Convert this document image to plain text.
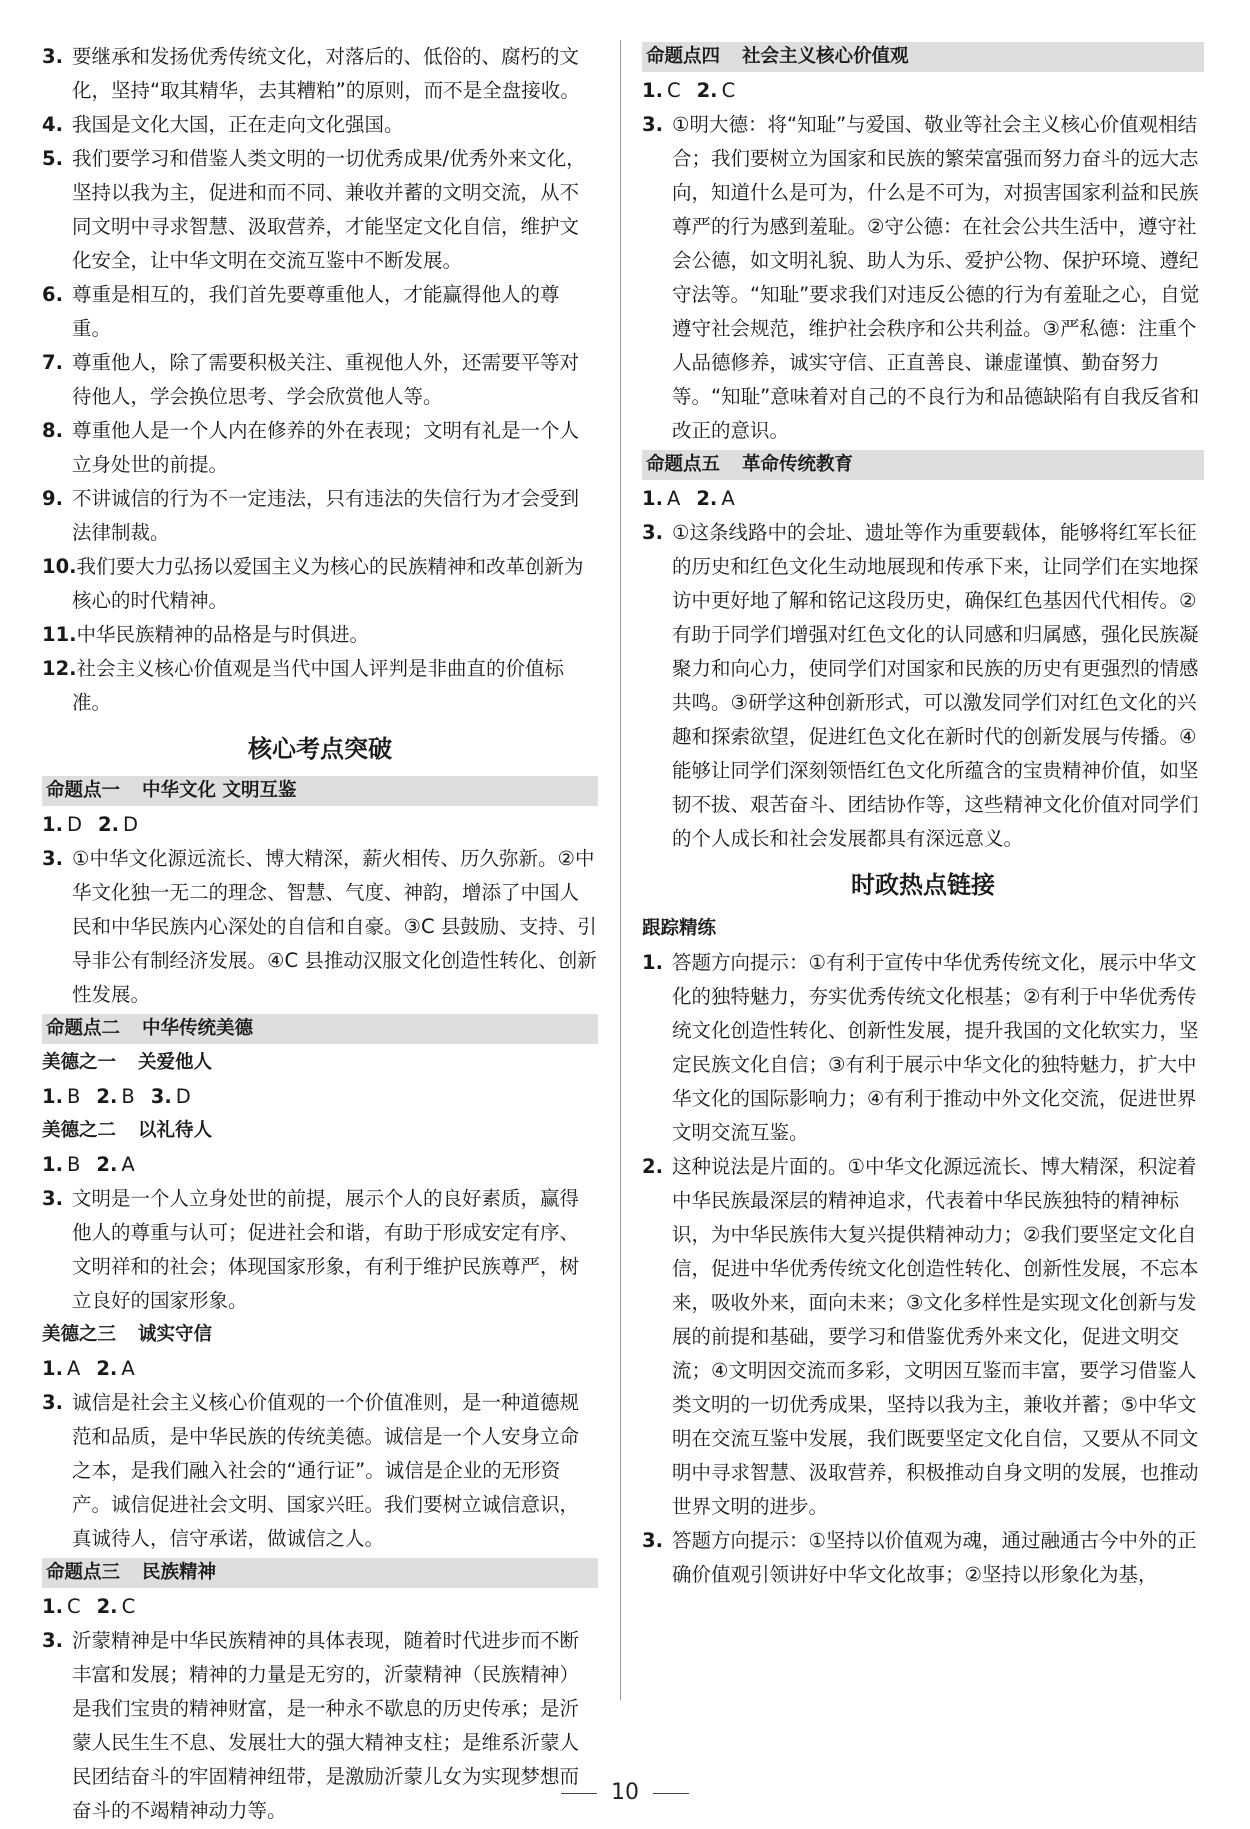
3. 要继承和发扬优秀传统文化，对落后的、低俗的、腐朽的文化，坚持“取其精华，去其糟粕”的原则，而不是全盘接收。

4. 我国是文化大国，正在走向文化强国。

5. 我们要学习和借鉴人类文明的一切优秀成果/优秀外来文化，坚持以我为主，促进和而不同、兼收并蓄的文明交流，从不同文明中寻求智慧、汲取营养，才能坚定文化自信，维护文化安全，让中华文明在交流互鉴中不断发展。

6. 尊重是相互的，我们首先要尊重他人，才能赢得他人的尊重。

7. 尊重他人，除了需要积极关注、重视他人外，还需要平等对待他人，学会换位思考、学会欣赏他人等。

8. 尊重他人是一个人内在修养的外在表现；文明有礼是一个人立身处世的前提。

9. 不讲诚信的行为不一定违法，只有违法的失信行为才会受到法律制裁。

10.我们要大力弘扬以爱国主义为核心的民族精神和改革创新为核心的时代精神。

11.中华民族精神的品格是与时俱进。

12.社会主义核心价值观是当代中国人评判是非曲直的价值标准。

核心考点突破
命题点一 中华文化 文明互鉴

1. D 2. D

3. ①中华文化源远流长、博大精深，薪火相传、历久弥新。②中华文化独一无二的理念、智慧、气度、神韵，增添了中国人民和中华民族内心深处的自信和自豪。③C 县鼓励、支持、引导非公有制经济发展。④C 县推动汉服文化创造性转化、创新性发展。

命题点二 中华传统美德

美德之一 关爱他人

1. B 2. B 3. D

美德之二 以礼待人

1. B 2. A

3. 文明是一个人立身处世的前提，展示个人的良好素质，赢得他人的尊重与认可；促进社会和谐，有助于形成安定有序、文明祥和的社会；体现国家形象，有利于维护民族尊严，树立良好的国家形象。

美德之三 诚实守信

1. A 2. A

3. 诚信是社会主义核心价值观的一个价值准则，是一种道德规范和品质，是中华民族的传统美德。诚信是一个人安身立命之本，是我们融入社会的“通行证”。诚信是企业的无形资产。诚信促进社会文明、国家兴旺。我们要树立诚信意识，真诚待人，信守承诺，做诚信之人。

命题点三 民族精神

1. C 2. C

3. 沂蒙精神是中华民族精神的具体表现，随着时代进步而不断丰富和发展；精神的力量是无穷的，沂蒙精神（民族精神）是我们宝贵的精神财富，是一种永不歇息的历史传承；是沂蒙人民生生不息、发展壮大的强大精神支柱；是维系沂蒙人民团结奋斗的牢固精神纽带，是激励沂蒙儿女为实现梦想而奋斗的不竭精神动力等。

命题点四 社会主义核心价值观

1. C 2. C

3. ①明大德：将“知耻”与爱国、敬业等社会主义核心价值观相结合；我们要树立为国家和民族的繁荣富强而努力奋斗的远大志向，知道什么是可为，什么是不可为，对损害国家利益和民族尊严的行为感到羞耻。②守公德：在社会公共生活中，遵守社会公德，如文明礼貌、助人为乐、爱护公物、保护环境、遵纪守法等。“知耻”要求我们对违反公德的行为有羞耻之心，自觉遵守社会规范，维护社会秩序和公共利益。③严私德：注重个人品德修养，诚实守信、正直善良、谦虚谨慎、勤奋努力等。“知耻”意味着对自己的不良行为和品德缺陷有自我反省和改正的意识。

命题点五 革命传统教育

1. A 2. A

3. ①这条线路中的会址、遗址等作为重要载体，能够将红军长征的历史和红色文化生动地展现和传承下来，让同学们在实地探访中更好地了解和铭记这段历史，确保红色基因代代相传。②有助于同学们增强对红色文化的认同感和归属感，强化民族凝聚力和向心力，使同学们对国家和民族的历史有更强烈的情感共鸣。③研学这种创新形式，可以激发同学们对红色文化的兴趣和探索欲望，促进红色文化在新时代的创新发展与传播。④能够让同学们深刻领悟红色文化所蕴含的宝贵精神价值，如坚韧不拔、艰苦奋斗、团结协作等，这些精神文化价值对同学们的个人成长和社会发展都具有深远意义。

时政热点链接

跟踪精练

1. 答题方向提示：①有利于宣传中华优秀传统文化，展示中华文化的独特魅力，夯实优秀传统文化根基；②有利于中华优秀传统文化创造性转化、创新性发展，提升我国的文化软实力，坚定民族文化自信；③有利于展示中华文化的独特魅力，扩大中华文化的国际影响力；④有利于推动中外文化交流，促进世界文明交流互鉴。

2. 这种说法是片面的。①中华文化源远流长、博大精深，积淀着中华民族最深层的精神追求，代表着中华民族独特的精神标识，为中华民族伟大复兴提供精神动力；②我们要坚定文化自信，促进中华优秀传统文化创造性转化、创新性发展，不忘本来，吸收外来，面向未来；③文化多样性是实现文化创新与发展的前提和基础，要学习和借鉴优秀外来文化，促进文明交流；④文明因交流而多彩，文明因互鉴而丰富，要学习借鉴人类文明的一切优秀成果，坚持以我为主，兼收并蓄；⑤中华文明在交流互鉴中发展，我们既要坚定文化自信，又要从不同文明中寻求智慧、汲取营养，积极推动自身文明的发展，也推动世界文明的进步。

3. 答题方向提示：①坚持以价值观为魂，通过融通古今中外的正确价值观引领讲好中华文化故事；②坚持以形象化为基，

10
